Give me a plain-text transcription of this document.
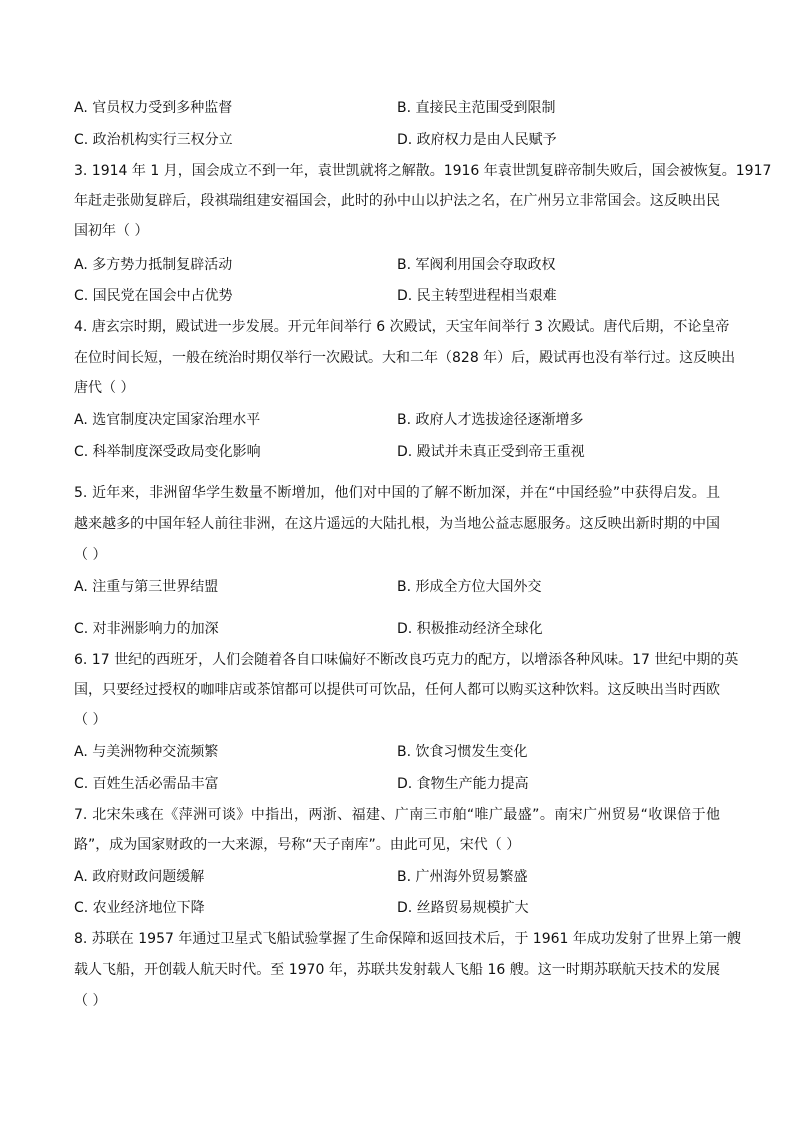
A. 官员权力受到多种监督	B. 直接民主范围受到限制
C. 政治机构实行三权分立	D. 政府权力是由人民赋予
3. 1914 年 1 月，国会成立不到一年，袁世凯就将之解散。1916 年袁世凯复辟帝制失败后，国会被恢复。1917
年赶走张勋复辟后，段祺瑞组建安福国会，此时的孙中山以护法之名，在广州另立非常国会。这反映出民
国初年（ ）
A. 多方势力抵制复辟活动	B. 军阀利用国会夺取政权
C. 国民党在国会中占优势	D. 民主转型进程相当艰难
4. 唐玄宗时期，殿试进一步发展。开元年间举行 6 次殿试，天宝年间举行 3 次殿试。唐代后期，不论皇帝
在位时间长短，一般在统治时期仅举行一次殿试。大和二年（828 年）后，殿试再也没有举行过。这反映出
唐代（ ）
A. 选官制度决定国家治理水平	B. 政府人才选拔途径逐渐增多
C. 科举制度深受政局变化影响	D. 殿试并未真正受到帝王重视
5. 近年来，非洲留华学生数量不断增加，他们对中国的了解不断加深，并在“中国经验”中获得启发。且
越来越多的中国年轻人前往非洲，在这片遥远的大陆扎根，为当地公益志愿服务。这反映出新时期的中国
（ ）
A. 注重与第三世界结盟	B. 形成全方位大国外交
C. 对非洲影响力的加深	D. 积极推动经济全球化
6. 17 世纪的西班牙，人们会随着各自口味偏好不断改良巧克力的配方，以增添各种风味。17 世纪中期的英
国，只要经过授权的咖啡店或茶馆都可以提供可可饮品，任何人都可以购买这种饮料。这反映出当时西欧
（ ）
A. 与美洲物种交流频繁	B. 饮食习惯发生变化
C. 百姓生活必需品丰富	D. 食物生产能力提高
7. 北宋朱彧在《萍洲可谈》中指出，两浙、福建、广南三市舶“唯广最盛”。南宋广州贸易“收课倍于他
路”，成为国家财政的一大来源，号称“天子南库”。由此可见，宋代（ ）
A. 政府财政问题缓解	B. 广州海外贸易繁盛
C. 农业经济地位下降	D. 丝路贸易规模扩大
8. 苏联在 1957 年通过卫星式飞船试验掌握了生命保障和返回技术后，于 1961 年成功发射了世界上第一艘
载人飞船，开创载人航天时代。至 1970 年，苏联共发射载人飞船 16 艘。这一时期苏联航天技术的发展
（ ）
